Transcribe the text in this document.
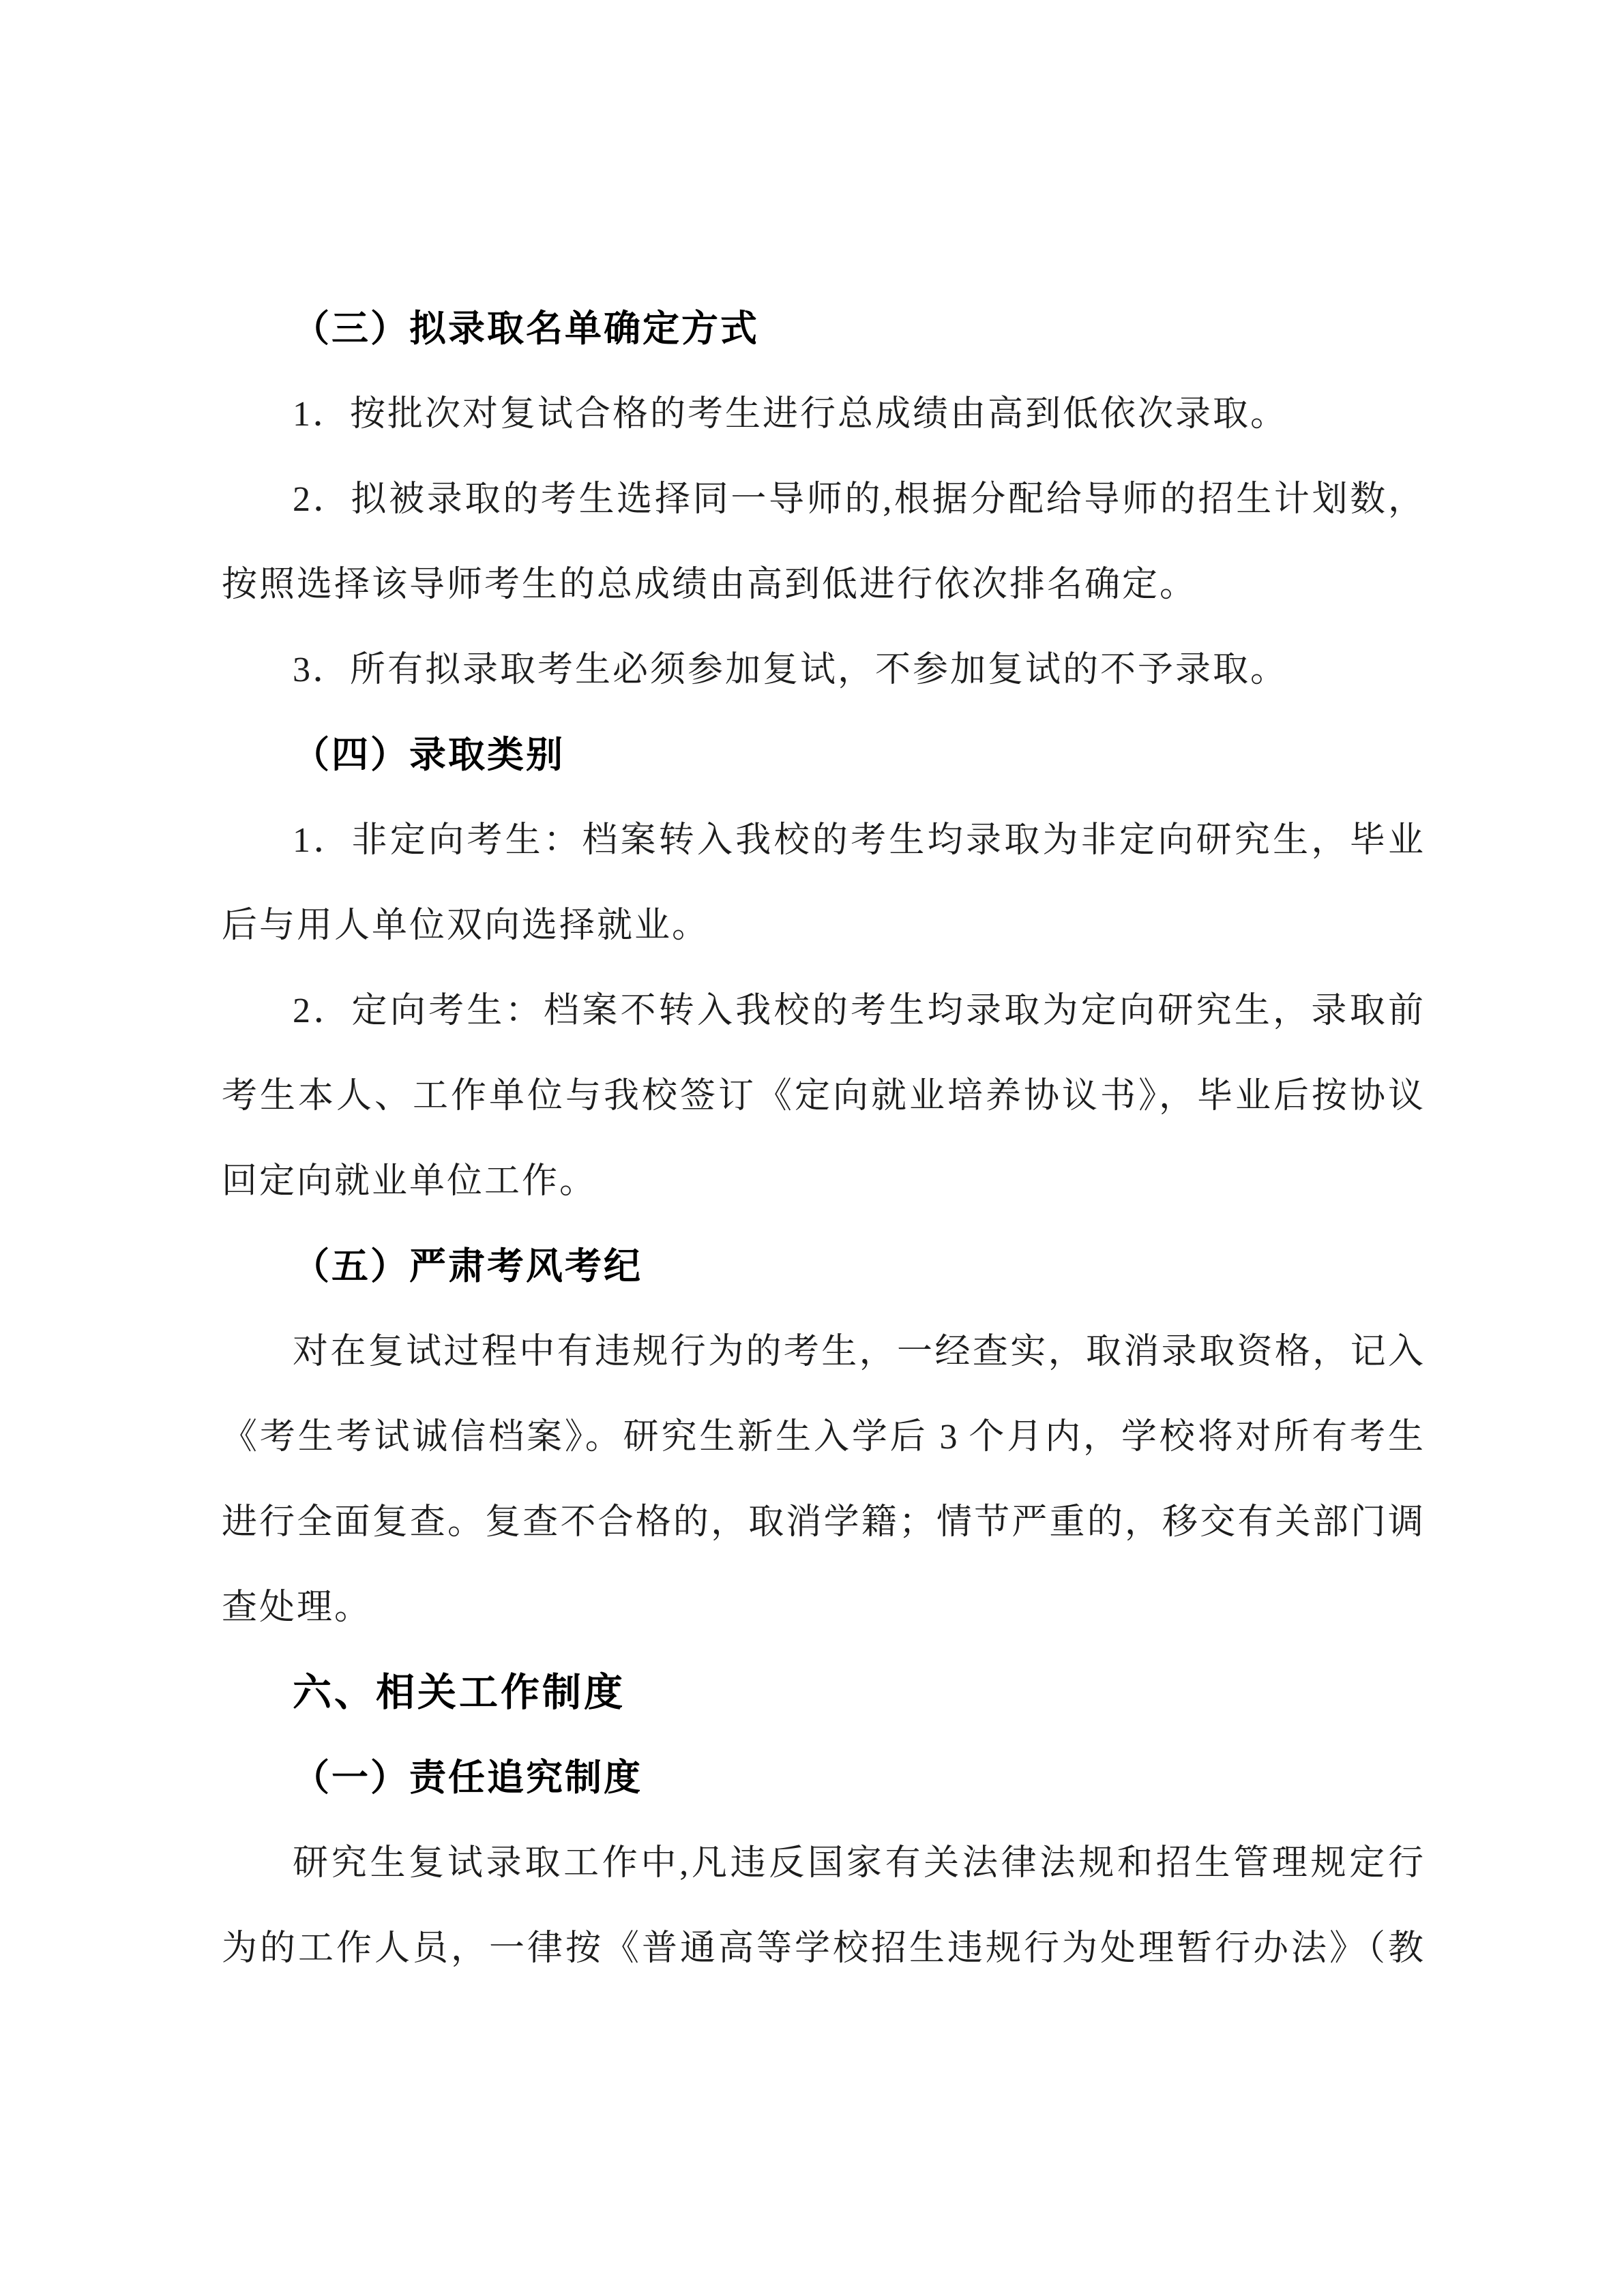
（三）拟录取名单确定方式
1．按批次对复试合格的考生进行总成绩由高到低依次录取。
2．拟被录取的考生选择同一导师的,根据分配给导师的招生计划数，
按照选择该导师考生的总成绩由高到低进行依次排名确定。
3．所有拟录取考生必须参加复试，不参加复试的不予录取。
（四）录取类别
1．非定向考生：档案转入我校的考生均录取为非定向研究生，毕业
后与用人单位双向选择就业。
2．定向考生：档案不转入我校的考生均录取为定向研究生，录取前
考生本人、工作单位与我校签订《定向就业培养协议书》，毕业后按协议
回定向就业单位工作。
（五）严肃考风考纪
对在复试过程中有违规行为的考生，一经查实，取消录取资格，记入
《考生考试诚信档案》。研究生新生入学后 3 个月内，学校将对所有考生
进行全面复查。复查不合格的，取消学籍；情节严重的，移交有关部门调
查处理。
六、相关工作制度
（一）责任追究制度
研究生复试录取工作中,凡违反国家有关法律法规和招生管理规定行
为的工作人员，一律按《普通高等学校招生违规行为处理暂行办法》（教
